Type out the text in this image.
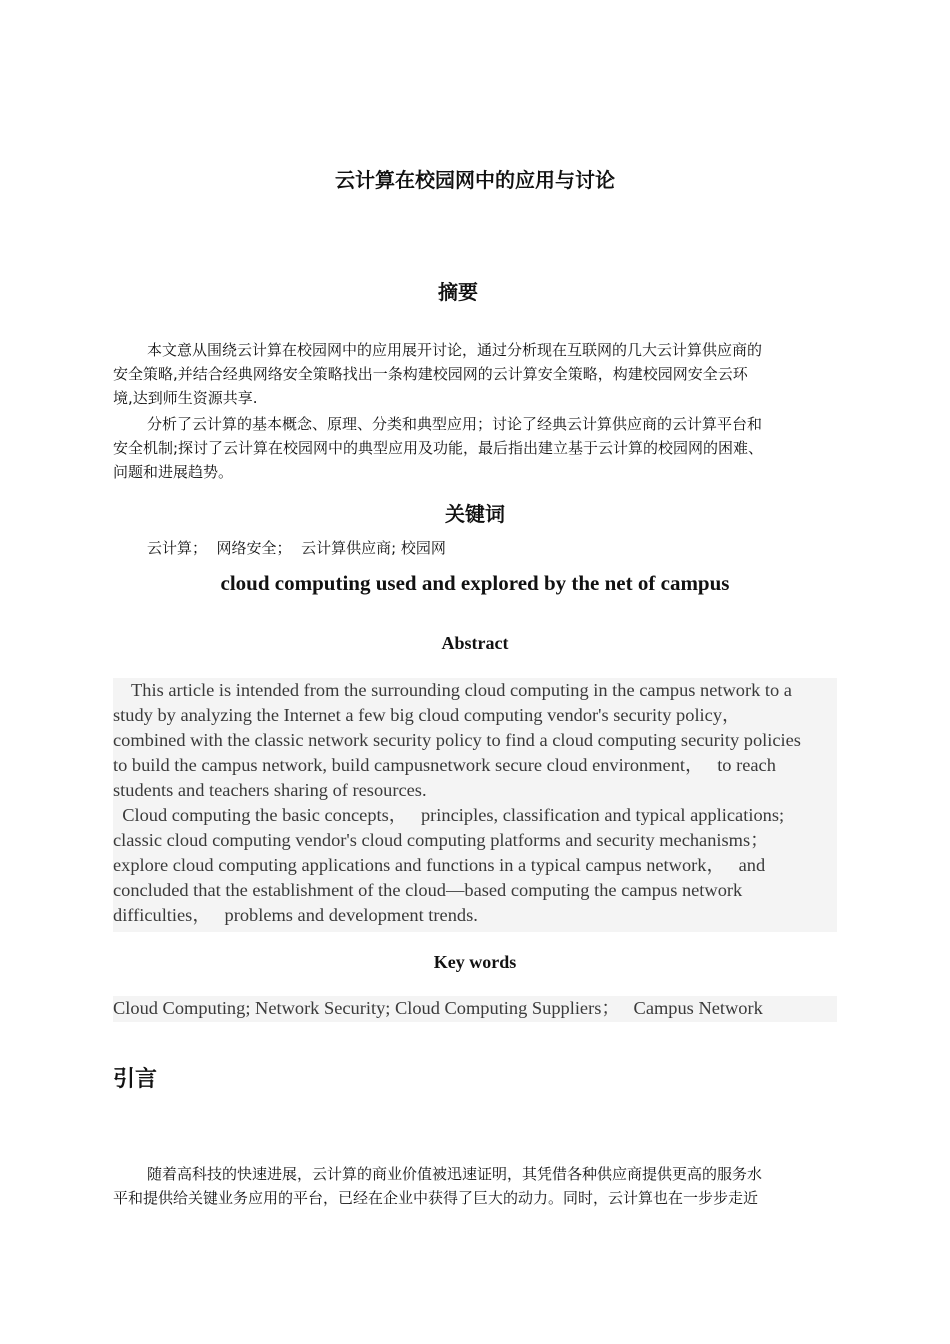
云计算在校园网中的应用与讨论
摘要
本文意从围绕云计算在校园网中的应用展开讨论，通过分析现在互联网的几大云计算供应商的
安全策略,并结合经典网络安全策略找出一条构建校园网的云计算安全策略，构建校园网安全云环
境,达到师生资源共享.
分析了云计算的基本概念、原理、分类和典型应用；讨论了经典云计算供应商的云计算平台和
安全机制;探讨了云计算在校园网中的典型应用及功能，最后指出建立基于云计算的校园网的困难、
问题和进展趋势。
关键词
云计算；  网络安全；  云计算供应商; 校园网
cloud computing used and explored by the net of campus
Abstract
This article is intended from the surrounding cloud computing in the campus network to a
study by analyzing the Internet a few big cloud computing vendor's security policy，
combined with the classic network security policy to find a cloud computing security policies
to build the campus network, build campusnetwork secure cloud environment，   to reach
students and teachers sharing of resources.
Cloud computing the basic concepts，   principles, classification and typical applications;
classic cloud computing vendor's cloud computing platforms and security mechanisms；
explore cloud computing applications and functions in a typical campus network，   and
concluded that the establishment of the cloud—based computing the campus network
difficulties，   problems and development trends.
Key words
Cloud Computing; Network Security; Cloud Computing Suppliers；   Campus Network
引言
随着高科技的快速进展，云计算的商业价值被迅速证明，其凭借各种供应商提供更高的服务水
平和提供给关键业务应用的平台，已经在企业中获得了巨大的动力。同时，云计算也在一步步走近
